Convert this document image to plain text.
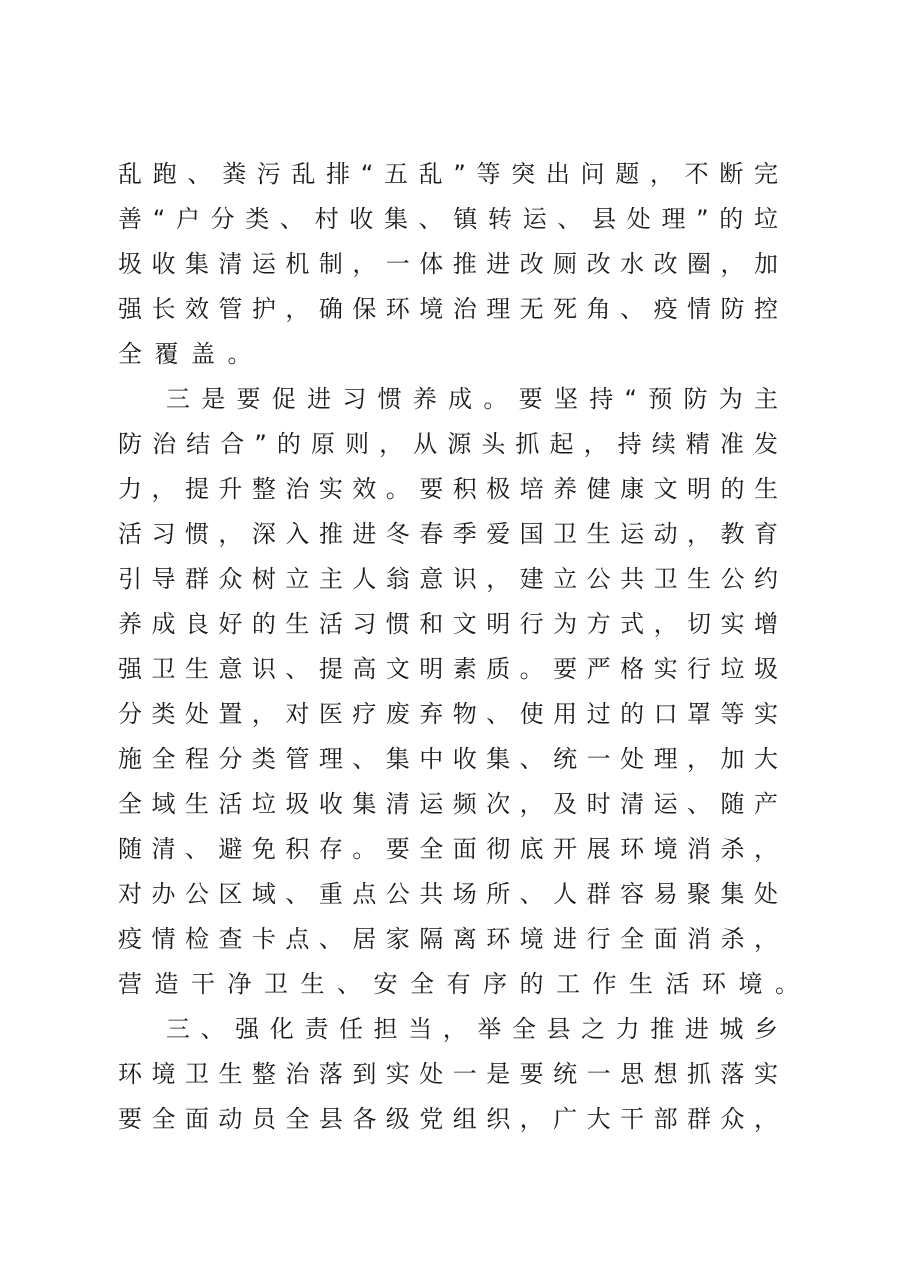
乱跑、粪污乱排“五乱”等突出问题，不断完

善“户分类、村收集、镇转运、县处理”的垃

圾收集清运机制，一体推进改厕改水改圈，加

强长效管护，确保环境治理无死角、疫情防控

全覆盖。

三是要促进习惯养成。要坚持“预防为主

防治结合”的原则，从源头抓起，持续精准发

力，提升整治实效。要积极培养健康文明的生

活习惯，深入推进冬春季爱国卫生运动，教育

引导群众树立主人翁意识，建立公共卫生公约

养成良好的生活习惯和文明行为方式，切实增

强卫生意识、提高文明素质。要严格实行垃圾

分类处置，对医疗废弃物、使用过的口罩等实

施全程分类管理、集中收集、统一处理，加大

全域生活垃圾收集清运频次，及时清运、随产

随清、避免积存。要全面彻底开展环境消杀，

对办公区域、重点公共场所、人群容易聚集处

疫情检查卡点、居家隔离环境进行全面消杀，

营造干净卫生、安全有序的工作生活环境。

三、强化责任担当，举全县之力推进城乡

环境卫生整治落到实处一是要统一思想抓落实

要全面动员全县各级党组织，广大干部群众，
